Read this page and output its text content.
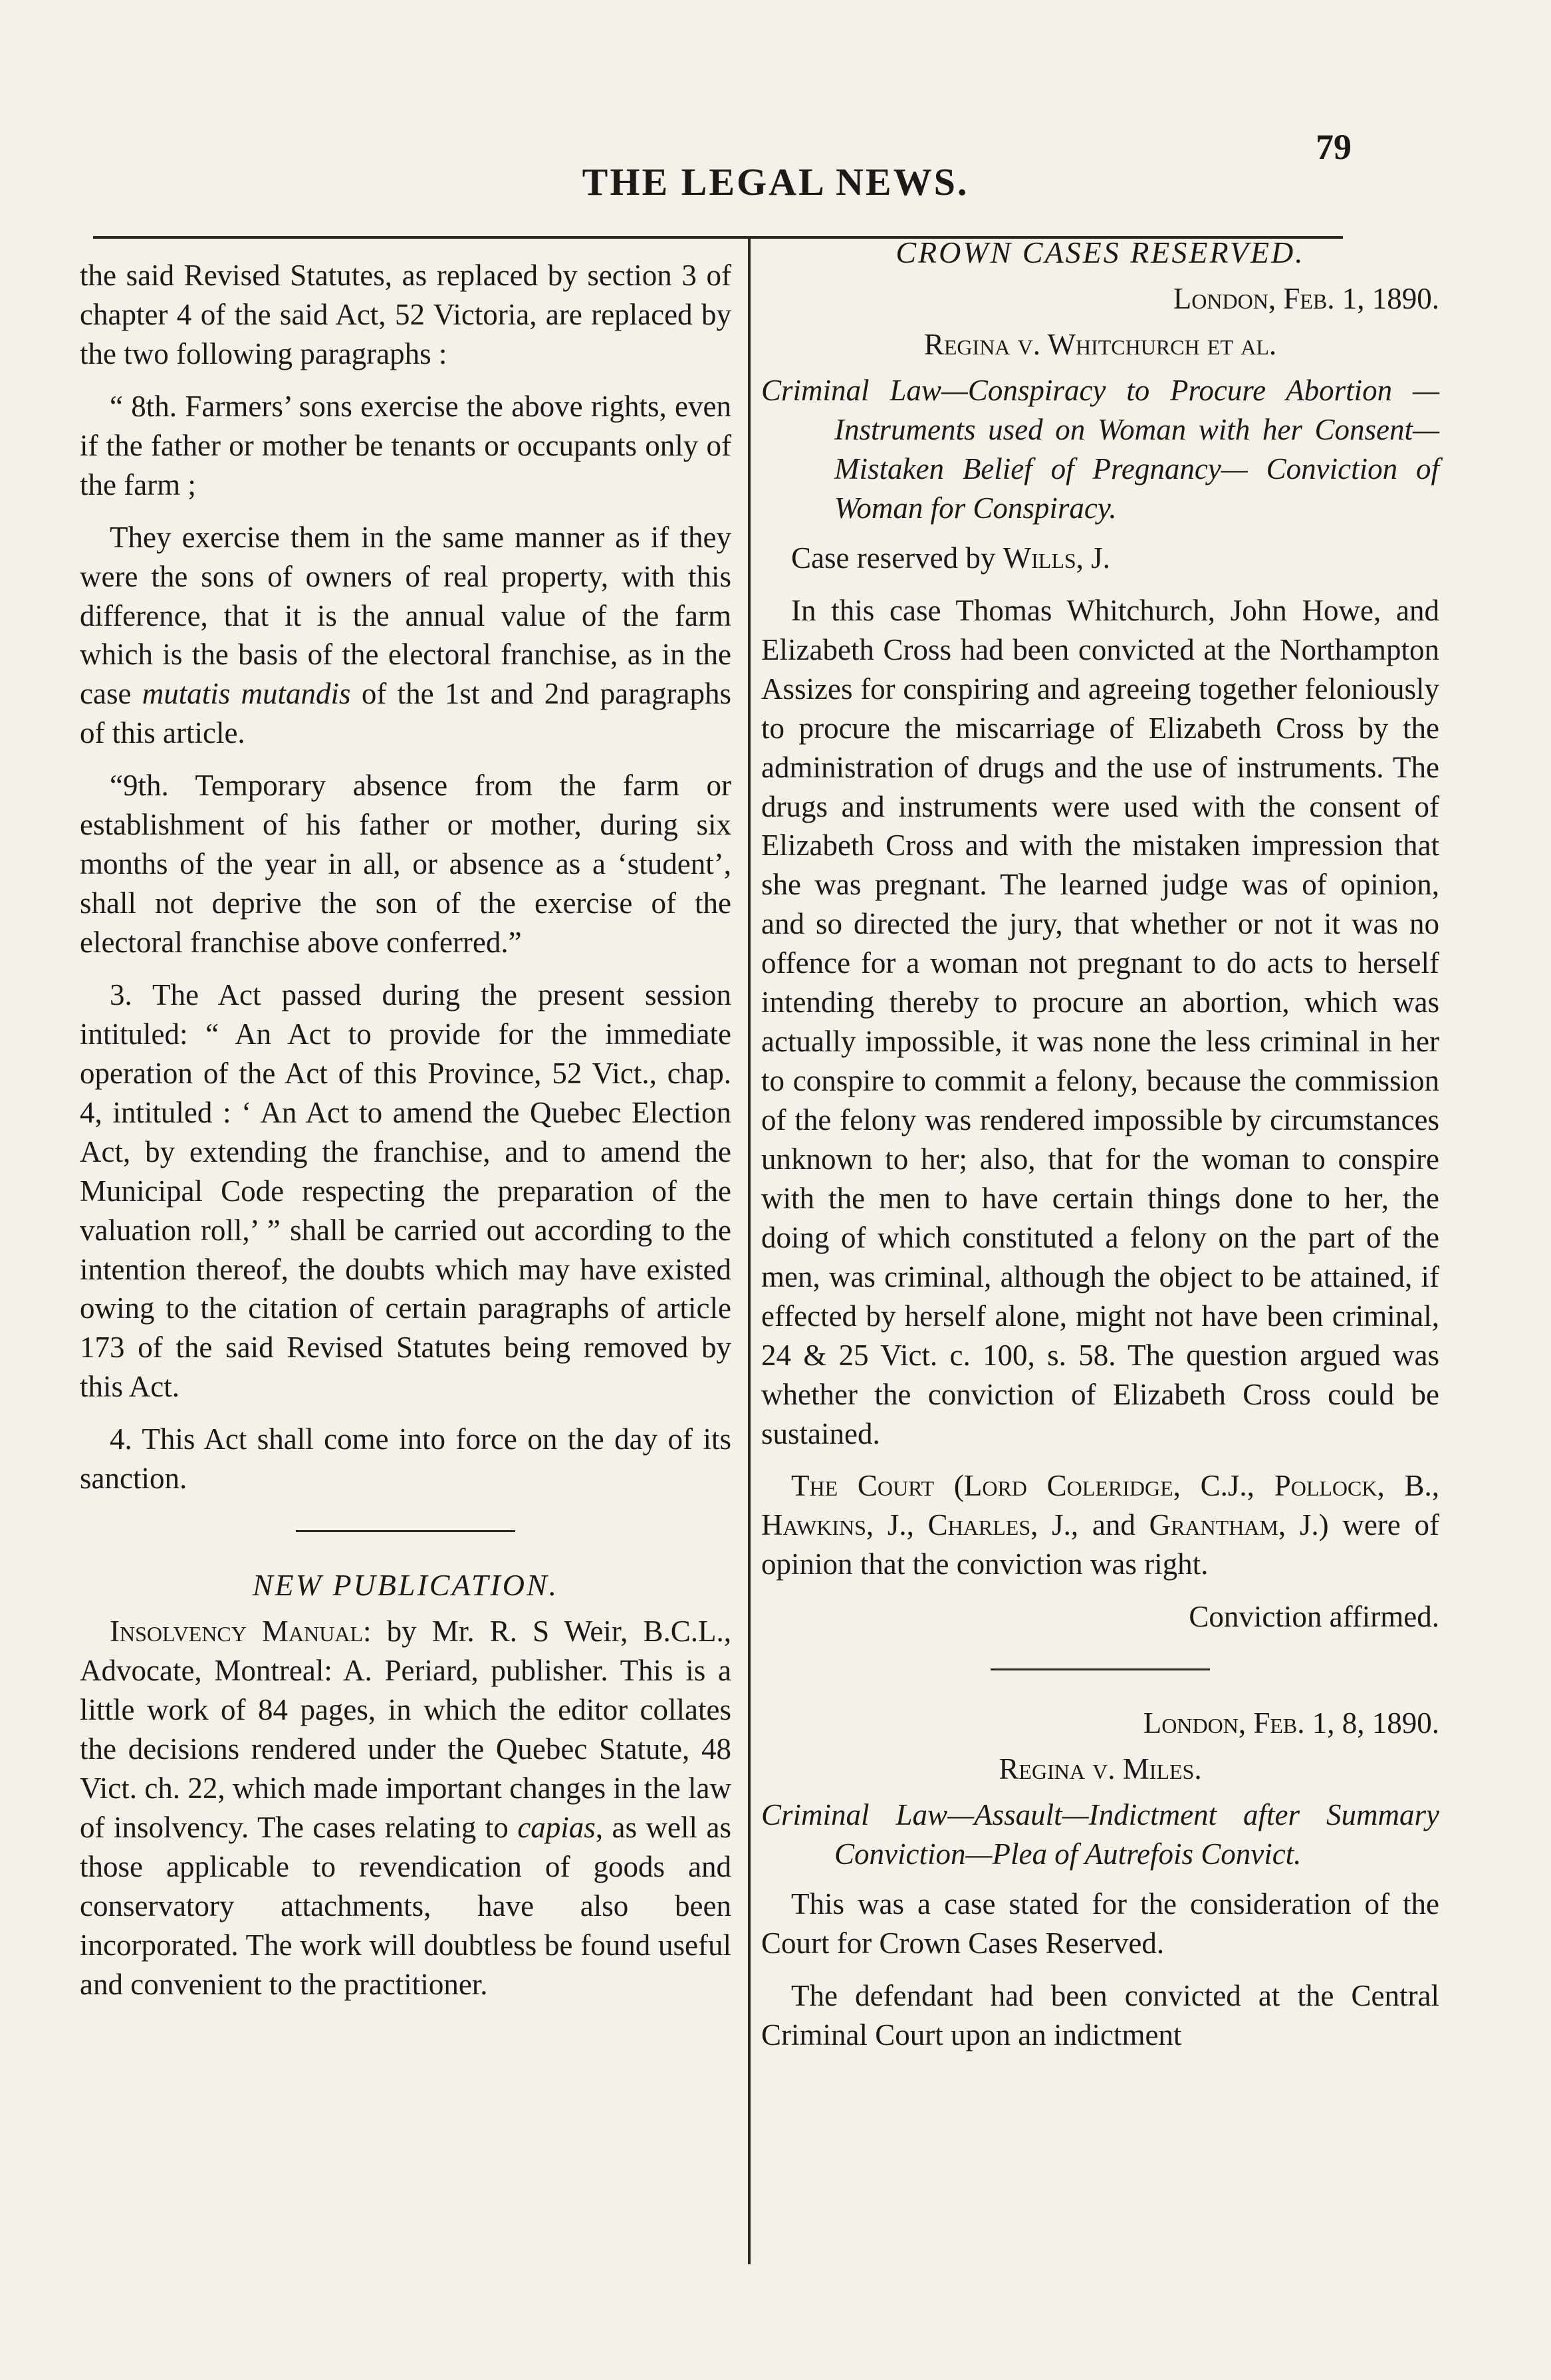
79
THE LEGAL NEWS.

the said Revised Statutes, as replaced by section 3 of chapter 4 of the said Act, 52 Victoria, are replaced by the two following paragraphs :

“ 8th. Farmers’ sons exercise the above rights, even if the father or mother be tenants or occupants only of the farm ;

They exercise them in the same manner as if they were the sons of owners of real property, with this difference, that it is the annual value of the farm which is the basis of the electoral franchise, as in the case mutatis mutandis of the 1st and 2nd paragraphs of this article.

“9th. Temporary absence from the farm or establishment of his father or mother, during six months of the year in all, or absence as a ‘student’, shall not deprive the son of the exercise of the electoral franchise above conferred.”

3. The Act passed during the present session intituled: “ An Act to provide for the immediate operation of the Act of this Province, 52 Vict., chap. 4, intituled : ‘ An Act to amend the Quebec Election Act, by extending the franchise, and to amend the Municipal Code respecting the preparation of the valuation roll,’ ” shall be carried out according to the intention thereof, the doubts which may have existed owing to the citation of certain paragraphs of article 173 of the said Revised Statutes being removed by this Act.

4. This Act shall come into force on the day of its sanction.

NEW PUBLICATION.

Insolvency Manual: by Mr. R. S Weir, B.C.L., Advocate, Montreal: A. Periard, publisher. This is a little work of 84 pages, in which the editor collates the decisions rendered under the Quebec Statute, 48 Vict. ch. 22, which made important changes in the law of insolvency. The cases relating to capias, as well as those applicable to revendication of goods and conservatory attachments, have also been incorporated. The work will doubtless be found useful and convenient to the practitioner.

CROWN CASES RESERVED.

London, Feb. 1, 1890.

Regina v. Whitchurch et al.

Criminal Law—Conspiracy to Procure Abortion —Instruments used on Woman with her Consent—Mistaken Belief of Pregnancy— Conviction of Woman for Conspiracy.

Case reserved by Wills, J.

In this case Thomas Whitchurch, John Howe, and Elizabeth Cross had been convicted at the Northampton Assizes for conspiring and agreeing together feloniously to procure the miscarriage of Elizabeth Cross by the administration of drugs and the use of instruments. The drugs and instruments were used with the consent of Elizabeth Cross and with the mistaken impression that she was pregnant. The learned judge was of opinion, and so directed the jury, that whether or not it was no offence for a woman not pregnant to do acts to herself intending thereby to procure an abortion, which was actually impossible, it was none the less criminal in her to conspire to commit a felony, because the commission of the felony was rendered impossible by circumstances unknown to her; also, that for the woman to conspire with the men to have certain things done to her, the doing of which constituted a felony on the part of the men, was criminal, although the object to be attained, if effected by herself alone, might not have been criminal, 24 & 25 Vict. c. 100, s. 58. The question argued was whether the conviction of Elizabeth Cross could be sustained.

The Court (Lord Coleridge, C.J., Pollock, B., Hawkins, J., Charles, J., and Grantham, J.) were of opinion that the conviction was right.

Conviction affirmed.

London, Feb. 1, 8, 1890.

Regina v. Miles.

Criminal Law—Assault—Indictment after Summary Conviction—Plea of Autrefois Convict.

This was a case stated for the consideration of the Court for Crown Cases Reserved.

The defendant had been convicted at the Central Criminal Court upon an indictment
